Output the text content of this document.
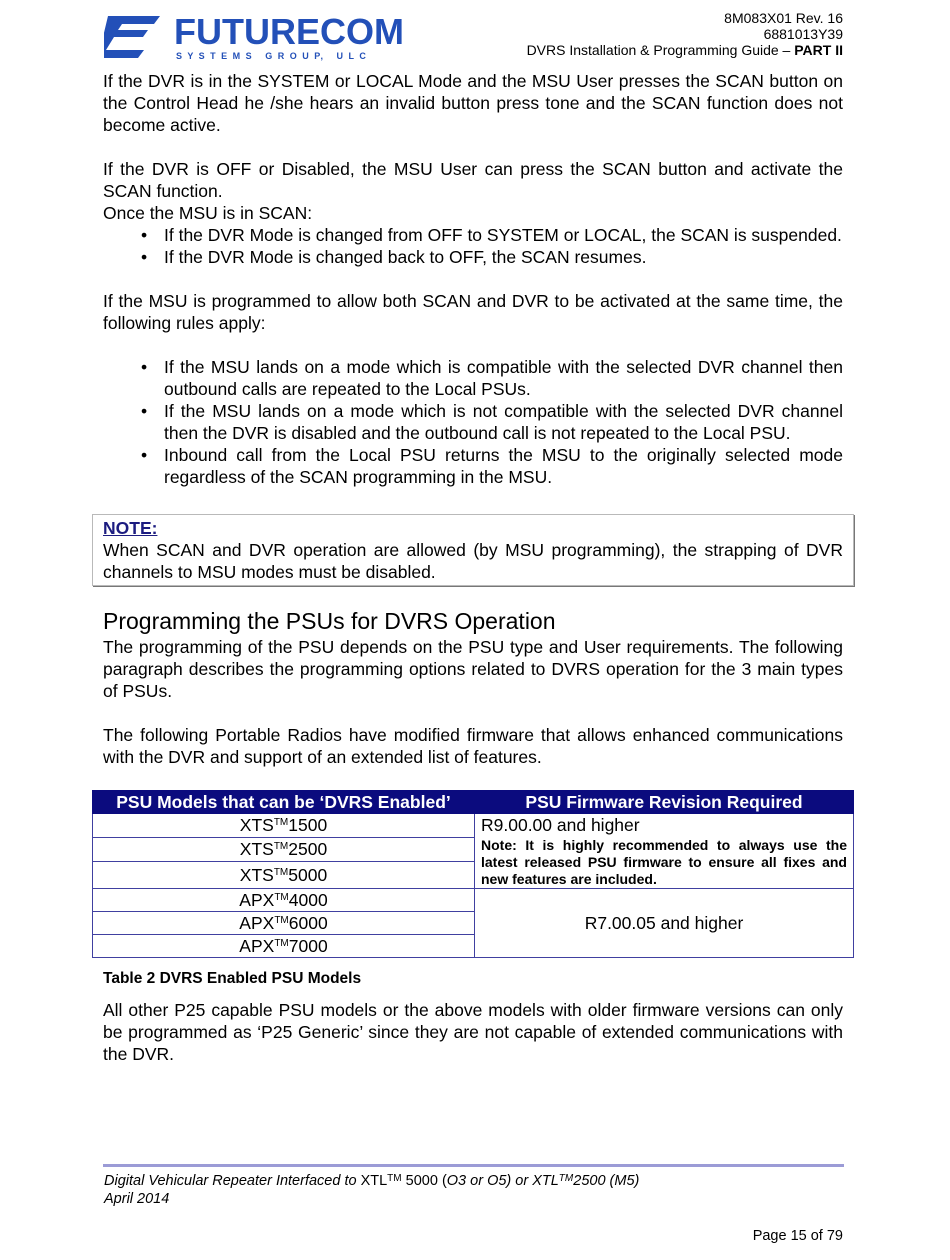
FUTURECOM
S Y S T E M S   G R O U P,   U L C
8M083X01 Rev. 16
6881013Y39
DVRS Installation & Programming Guide – PART II

If the DVR is in the SYSTEM or LOCAL Mode and the MSU User presses the SCAN button on the Control Head he /she hears an invalid button press tone and the SCAN function does not become active.

If the DVR is OFF or Disabled, the MSU User can press the SCAN button and activate the SCAN function.

Once the MSU is in SCAN:

• If the DVR Mode is changed from OFF to SYSTEM or LOCAL, the SCAN is suspended.
• If the DVR Mode is changed back to OFF, the SCAN resumes.

If the MSU is programmed to allow both SCAN and DVR to be activated at the same time, the following rules apply:

• If the MSU lands on a mode which is compatible with the selected DVR channel then outbound calls are repeated to the Local PSUs.
• If the MSU lands on a mode which is not compatible with the selected DVR channel then the DVR is disabled and the outbound call is not repeated to the Local PSU.
• Inbound call from the Local PSU returns the MSU to the originally selected mode regardless of the SCAN programming in the MSU.
NOTE:

When SCAN and DVR operation are allowed (by MSU programming), the strapping of DVR channels to MSU modes must be disabled.

Programming the PSUs for DVRS Operation

The programming of the PSU depends on the PSU type and User requirements. The following paragraph describes the programming options related to DVRS operation for the 3 main types of PSUs.

The following Portable Radios have modified firmware that allows enhanced communications with the DVR and support of an extended list of features.

PSU Models that can be ‘DVRS Enabled’	PSU Firmware Revision Required
XTS™1500	R9.00.00 and higher
Note: It is highly recommended to always use the latest released PSU firmware to ensure all fixes and new features are included.

XTS™2500	
XTS™5000	
APX™4000	R7.00.05 and higher
APX™6000	
APX™7000	
Table 2 DVRS Enabled PSU Models

All other P25 capable PSU models or the above models with older firmware versions can only be programmed as ‘P25 Generic’ since they are not capable of extended communications with the DVR.

Digital Vehicular Repeater Interfaced to XTL™ 5000 (O3 or O5) or XTL™2500 (M5)
April 2014
Page 15 of 79
